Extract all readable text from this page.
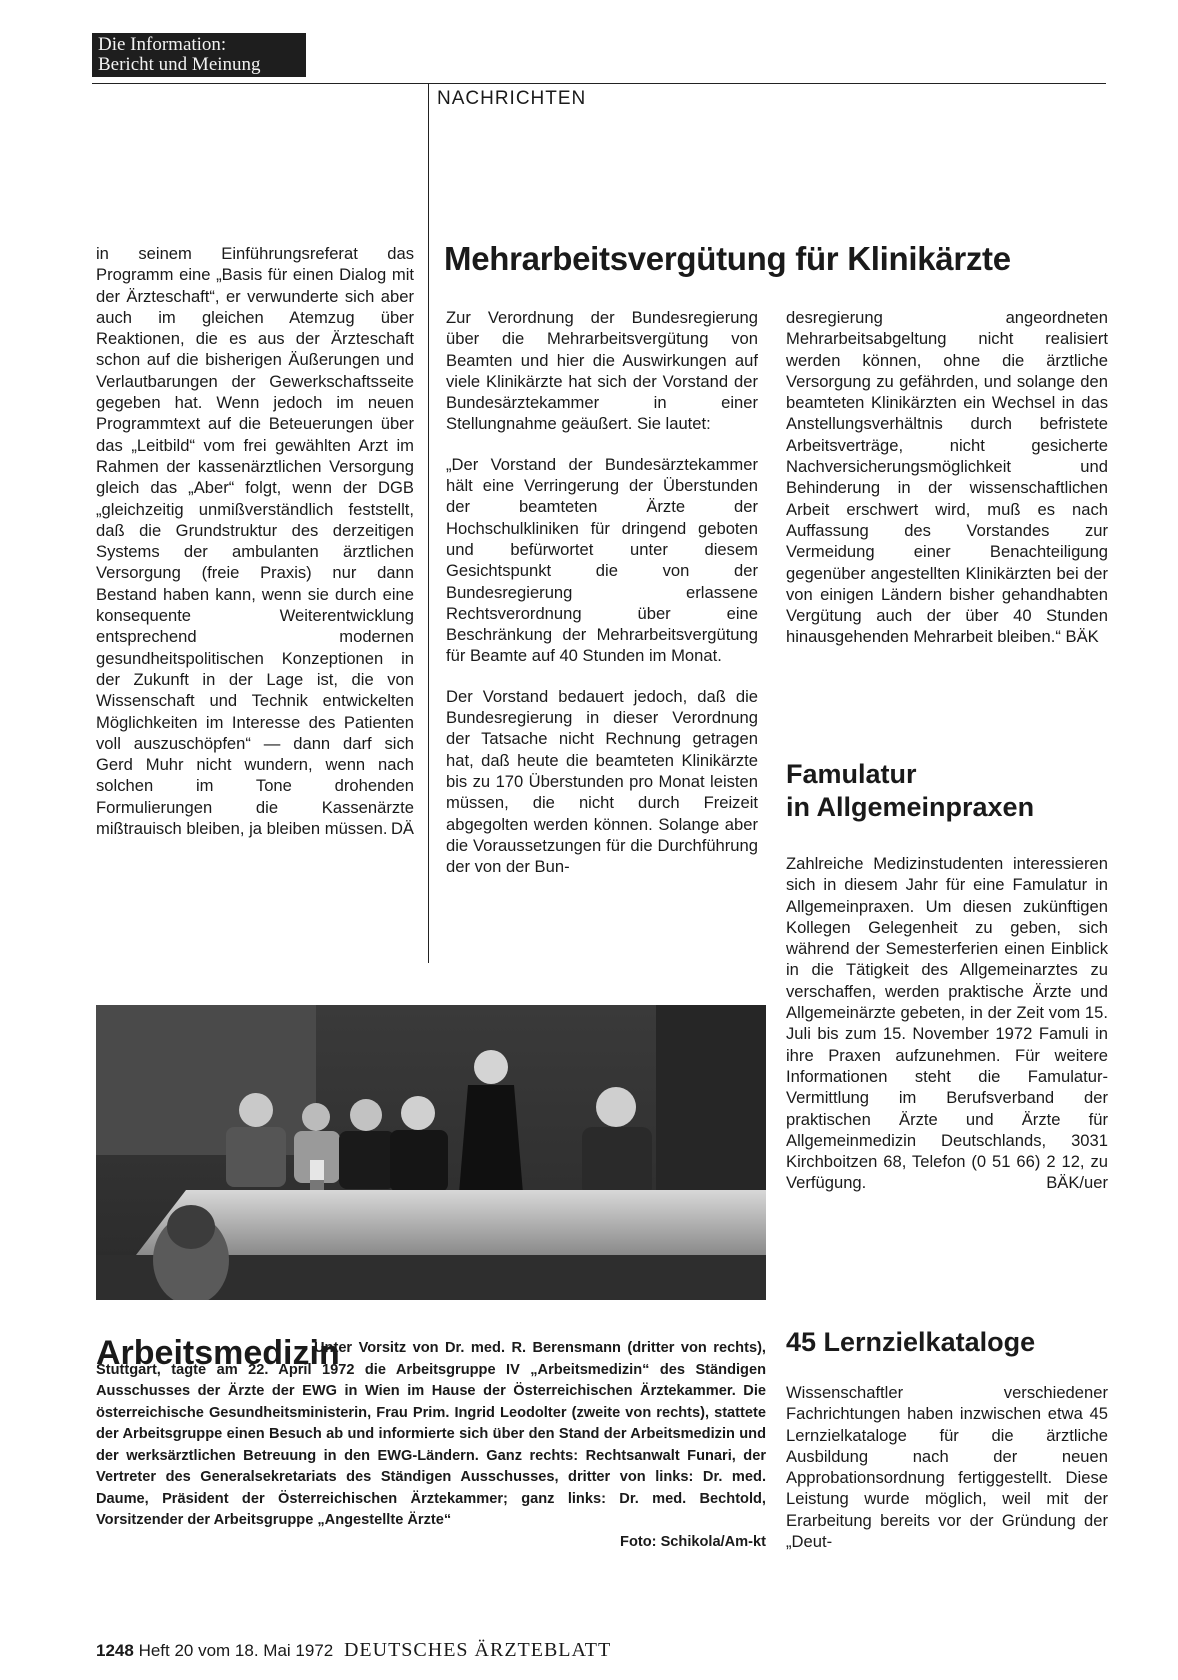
Die Information:
Bericht und Meinung
NACHRICHTEN

in seinem Einführungsreferat das Programm eine „Basis für einen Dialog mit der Ärzteschaft“, er verwunderte sich aber auch im gleichen Atemzug über Reaktionen, die es aus der Ärzteschaft schon auf die bisherigen Äußerungen und Verlautbarungen der Gewerkschaftsseite gegeben hat. Wenn jedoch im neuen Programmtext auf die Beteuerungen über das „Leitbild“ vom frei gewählten Arzt im Rahmen der kassenärztlichen Versorgung gleich das „Aber“ folgt, wenn der DGB „gleichzeitig unmißverständlich feststellt, daß die Grundstruktur des derzeitigen Systems der ambulanten ärztlichen Versorgung (freie Praxis) nur dann Bestand haben kann, wenn sie durch eine konsequente Weiterentwicklung entsprechend modernen gesundheitspolitischen Konzeptionen in der Zukunft in der Lage ist, die von Wissenschaft und Technik entwickelten Möglichkeiten im Interesse des Patienten voll auszuschöpfen“ — dann darf sich Gerd Muhr nicht wundern, wenn nach solchen im Tone drohenden Formulierungen die Kassenärzte mißtrauisch bleiben, ja bleiben müssen. DÄ

Mehrarbeitsvergütung für Klinikärzte

Zur Verordnung der Bundesregierung über die Mehrarbeitsvergütung von Beamten und hier die Auswirkungen auf viele Klinikärzte hat sich der Vorstand der Bundesärztekammer in einer Stellungnahme geäußert. Sie lautet:

„Der Vorstand der Bundesärztekammer hält eine Verringerung der Überstunden der beamteten Ärzte der Hochschulkliniken für dringend geboten und befürwortet unter diesem Gesichtspunkt die von der Bundesregierung erlassene Rechtsverordnung über eine Beschränkung der Mehrarbeitsvergütung für Beamte auf 40 Stunden im Monat.

Der Vorstand bedauert jedoch, daß die Bundesregierung in dieser Verordnung der Tatsache nicht Rechnung getragen hat, daß heute die beamteten Klinikärzte bis zu 170 Überstunden pro Monat leisten müssen, die nicht durch Freizeit abgegolten werden können. Solange aber die Voraussetzungen für die Durchführung der von der Bun-

desregierung angeordneten Mehrarbeitsabgeltung nicht realisiert werden können, ohne die ärztliche Versorgung zu gefährden, und solange den beamteten Klinikärzten ein Wechsel in das Anstellungsverhältnis durch befristete Arbeitsverträge, nicht gesicherte Nachversicherungsmöglichkeit und Behinderung in der wissenschaftlichen Arbeit erschwert wird, muß es nach Auffassung des Vorstandes zur Vermeidung einer Benachteiligung gegenüber angestellten Klinikärzten bei der von einigen Ländern bisher gehandhabten Vergütung auch der über 40 Stunden hinausgehenden Mehrarbeit bleiben.“ BÄK

Famulatur
in Allgemeinpraxen

Zahlreiche Medizinstudenten interessieren sich in diesem Jahr für eine Famulatur in Allgemeinpraxen. Um diesen zukünftigen Kollegen Gelegenheit zu geben, sich während der Semesterferien einen Einblick in die Tätigkeit des Allgemeinarztes zu verschaffen, werden praktische Ärzte und Allgemeinärzte gebeten, in der Zeit vom 15. Juli bis zum 15. November 1972 Famuli in ihre Praxen aufzunehmen. Für weitere Informationen steht die Famulatur-Vermittlung im Berufsverband der praktischen Ärzte und Ärzte für Allgemeinmedizin Deutschlands, 3031 Kirchboitzen 68, Telefon (0 51 66) 2 12, zu Verfügung.	BÄK/uer

45 Lernzielkataloge

Wissenschaftler verschiedener Fachrichtungen haben inzwischen etwa 45 Lernzielkataloge für die ärztliche Ausbildung nach der neuen Approbationsordnung fertiggestellt. Diese Leistung wurde möglich, weil mit der Erarbeitung bereits vor der Gründung der „Deut-

Arbeitsmedizin
Unter Vorsitz von Dr. med. R. Berensmann (dritter von rechts), Stuttgart, tagte am 22. April 1972 die Arbeitsgruppe IV „Arbeitsmedizin“ des Ständigen Ausschusses der Ärzte der EWG in Wien im Hause der Österreichischen Ärztekammer. Die österreichische Gesundheitsministerin, Frau Prim. Ingrid Leodolter (zweite von rechts), stattete der Arbeitsgruppe einen Besuch ab und informierte sich über den Stand der Arbeitsmedizin und der werksärztlichen Betreuung in den EWG-Ländern. Ganz rechts: Rechtsanwalt Funari, der Vertreter des Generalsekretariats des Ständigen Ausschusses, dritter von links: Dr. med. Daume, Präsident der Österreichischen Ärztekammer; ganz links: Dr. med. Bechtold, Vorsitzender der Arbeitsgruppe „Angestellte Ärzte“
Foto: Schikola/Am-kt
1248 Heft 20 vom 18. Mai 1972 DEUTSCHES ÄRZTEBLATT
